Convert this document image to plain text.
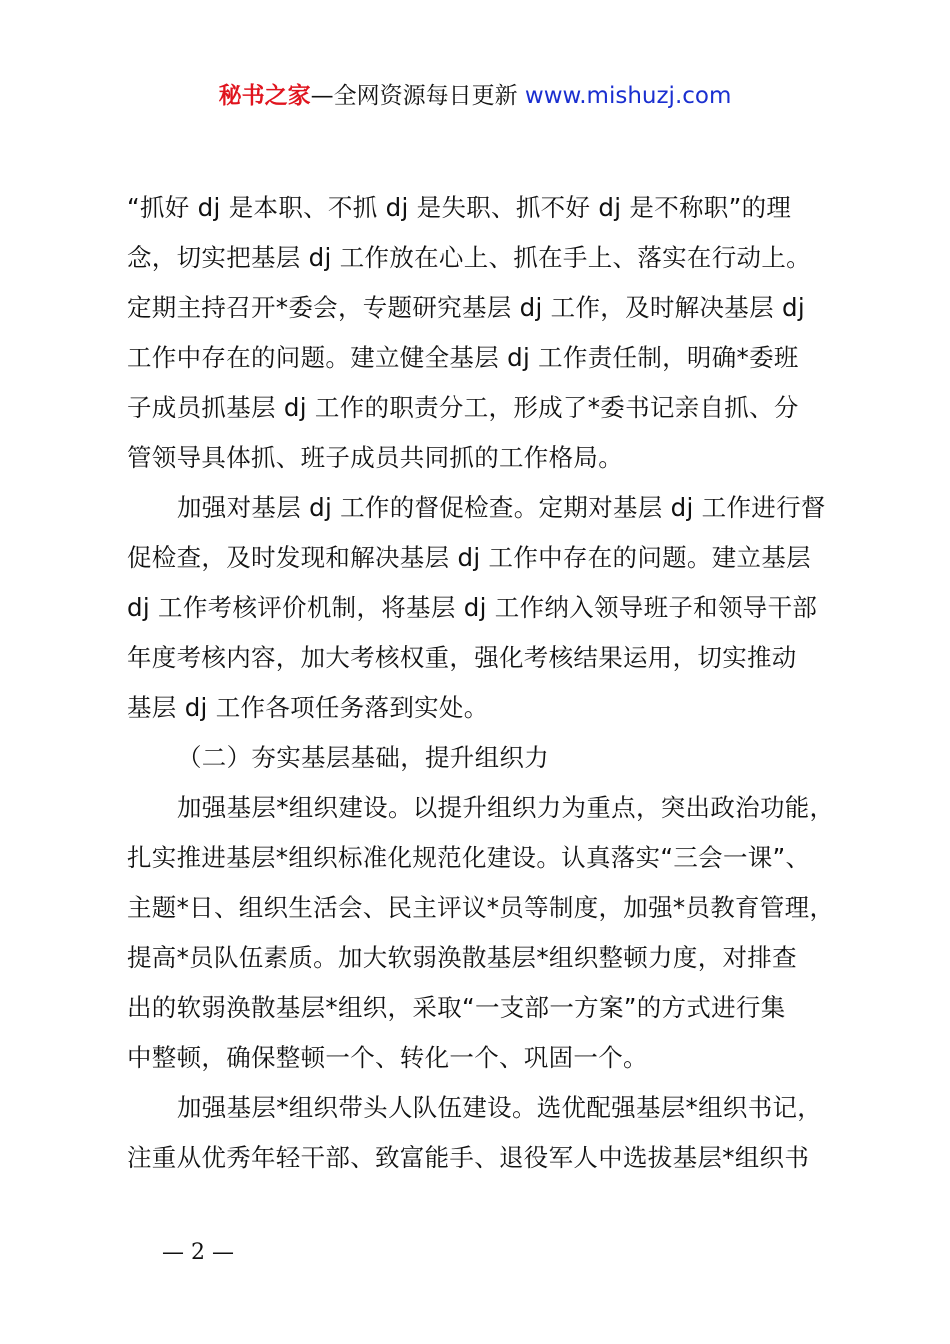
秘书之家—全网资源每日更新 www.mishuzj.com
“抓好 dj 是本职、不抓 dj 是失职、抓不好 dj 是不称职”的理
念，切实把基层 dj 工作放在心上、抓在手上、落实在行动上。
定期主持召开*委会，专题研究基层 dj 工作，及时解决基层 dj
工作中存在的问题。建立健全基层 dj 工作责任制，明确*委班
子成员抓基层 dj 工作的职责分工，形成了*委书记亲自抓、分
管领导具体抓、班子成员共同抓的工作格局。
加强对基层 dj 工作的督促检查。定期对基层 dj 工作进行督
促检查，及时发现和解决基层 dj 工作中存在的问题。建立基层
dj 工作考核评价机制，将基层 dj 工作纳入领导班子和领导干部
年度考核内容，加大考核权重，强化考核结果运用，切实推动
基层 dj 工作各项任务落到实处。
（二）夯实基层基础，提升组织力
加强基层*组织建设。以提升组织力为重点，突出政治功能，
扎实推进基层*组织标准化规范化建设。认真落实“三会一课”、
主题*日、组织生活会、民主评议*员等制度，加强*员教育管理，
提高*员队伍素质。加大软弱涣散基层*组织整顿力度，对排查
出的软弱涣散基层*组织，采取“一支部一方案”的方式进行集
中整顿，确保整顿一个、转化一个、巩固一个。
加强基层*组织带头人队伍建设。选优配强基层*组织书记，
注重从优秀年轻干部、致富能手、退役军人中选拔基层*组织书
— 2 —
